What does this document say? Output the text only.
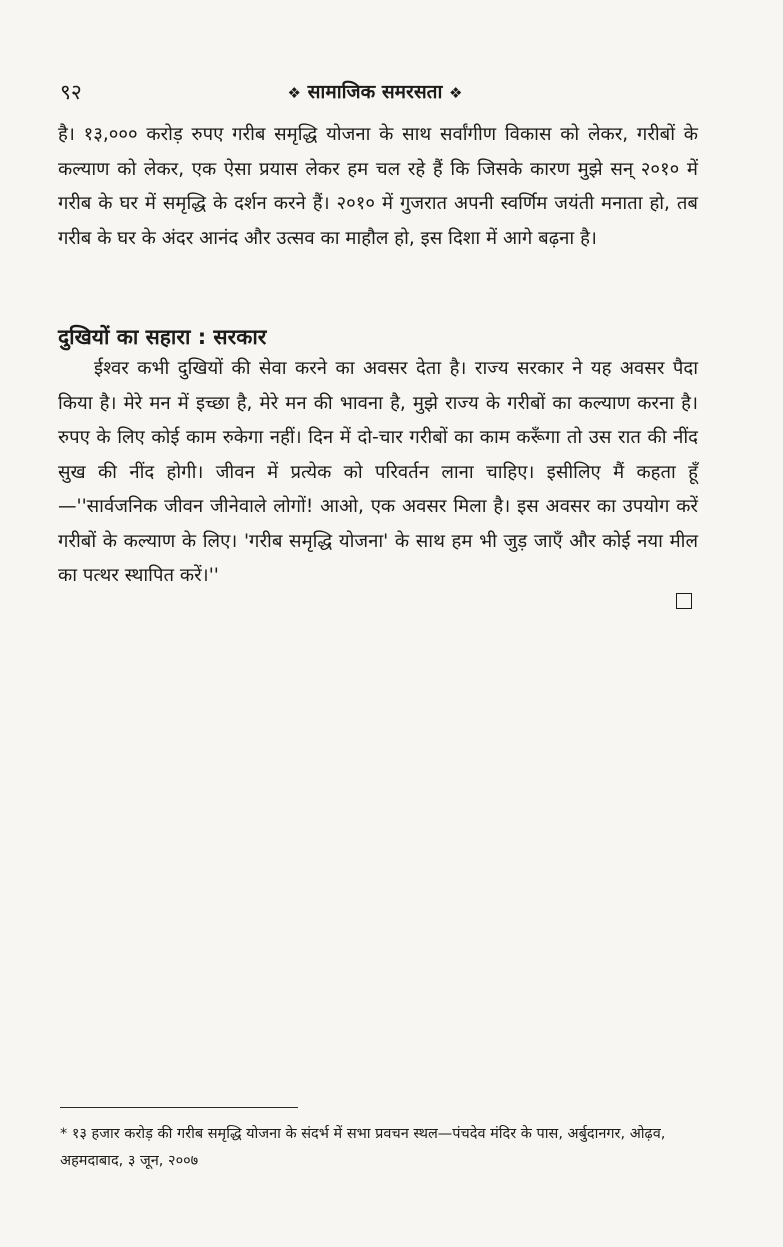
९२	❖ सामाजिक समरसता ❖

है। १३,००० करोड़ रुपए गरीब समृद्धि योजना के साथ सर्वांगीण विकास को लेकर, गरीबों के कल्याण को लेकर, एक ऐसा प्रयास लेकर हम चल रहे हैं कि जिसके कारण मुझे सन् २०१० में गरीब के घर में समृद्धि के दर्शन करने हैं। २०१० में गुजरात अपनी स्वर्णिम जयंती मनाता हो, तब गरीब के घर के अंदर आनंद और उत्सव का माहौल हो, इस दिशा में आगे बढ़ना है।

दुखियों का सहारा : सरकार

ईश्वर कभी दुखियों की सेवा करने का अवसर देता है। राज्य सरकार ने यह अवसर पैदा किया है। मेरे मन में इच्छा है, मेरे मन की भावना है, मुझे राज्य के गरीबों का कल्याण करना है। रुपए के लिए कोई काम रुकेगा नहीं। दिन में दो-चार गरीबों का काम करूँगा तो उस रात की नींद सुख की नींद होगी। जीवन में प्रत्येक को परिवर्तन लाना चाहिए। इसीलिए मैं कहता हूँ—''सार्वजनिक जीवन जीनेवाले लोगों! आओ, एक अवसर मिला है। इस अवसर का उपयोग करें गरीबों के कल्याण के लिए। 'गरीब समृद्धि योजना' के साथ हम भी जुड़ जाएँ और कोई नया मील का पत्थर स्थापित करें।''

* १३ हजार करोड़ की गरीब समृद्धि योजना के संदर्भ में सभा प्रवचन स्थल—पंचदेव मंदिर के पास, अर्बुदानगर, ओढ़व, अहमदाबाद, ३ जून, २००७
